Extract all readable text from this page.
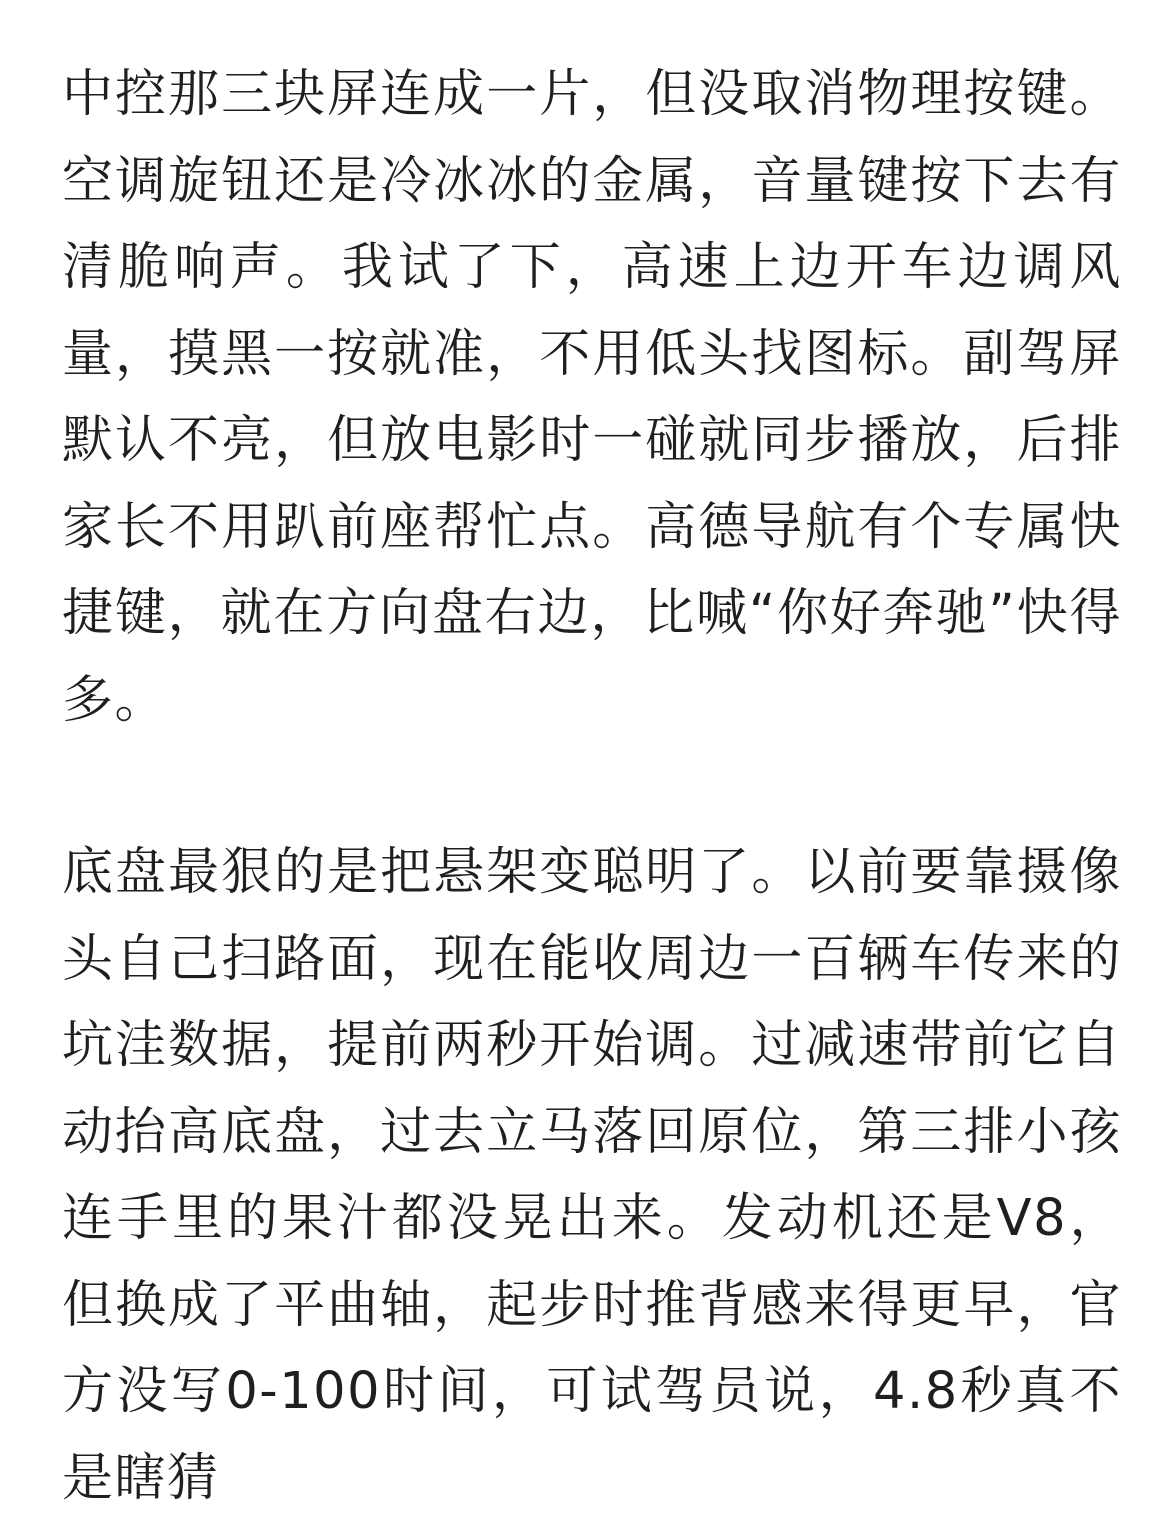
中控那三块屏连成一片，但没取消物理按键。空调旋钮还是冷冰冰的金属，音量键按下去有清脆响声。我试了下，高速上边开车边调风量，摸黑一按就准，不用低头找图标。副驾屏默认不亮，但放电影时一碰就同步播放，后排家长不用趴前座帮忙点。高德导航有个专属快捷键，就在方向盘右边，比喊“你好奔驰”快得多。

底盘最狠的是把悬架变聪明了。以前要靠摄像头自己扫路面，现在能收周边一百辆车传来的坑洼数据，提前两秒开始调。过减速带前它自动抬高底盘，过去立马落回原位，第三排小孩连手里的果汁都没晃出来。发动机还是V8，但换成了平曲轴，起步时推背感来得更早，官方没写0-100时间，可试驾员说，4.8秒真不是瞎猜
